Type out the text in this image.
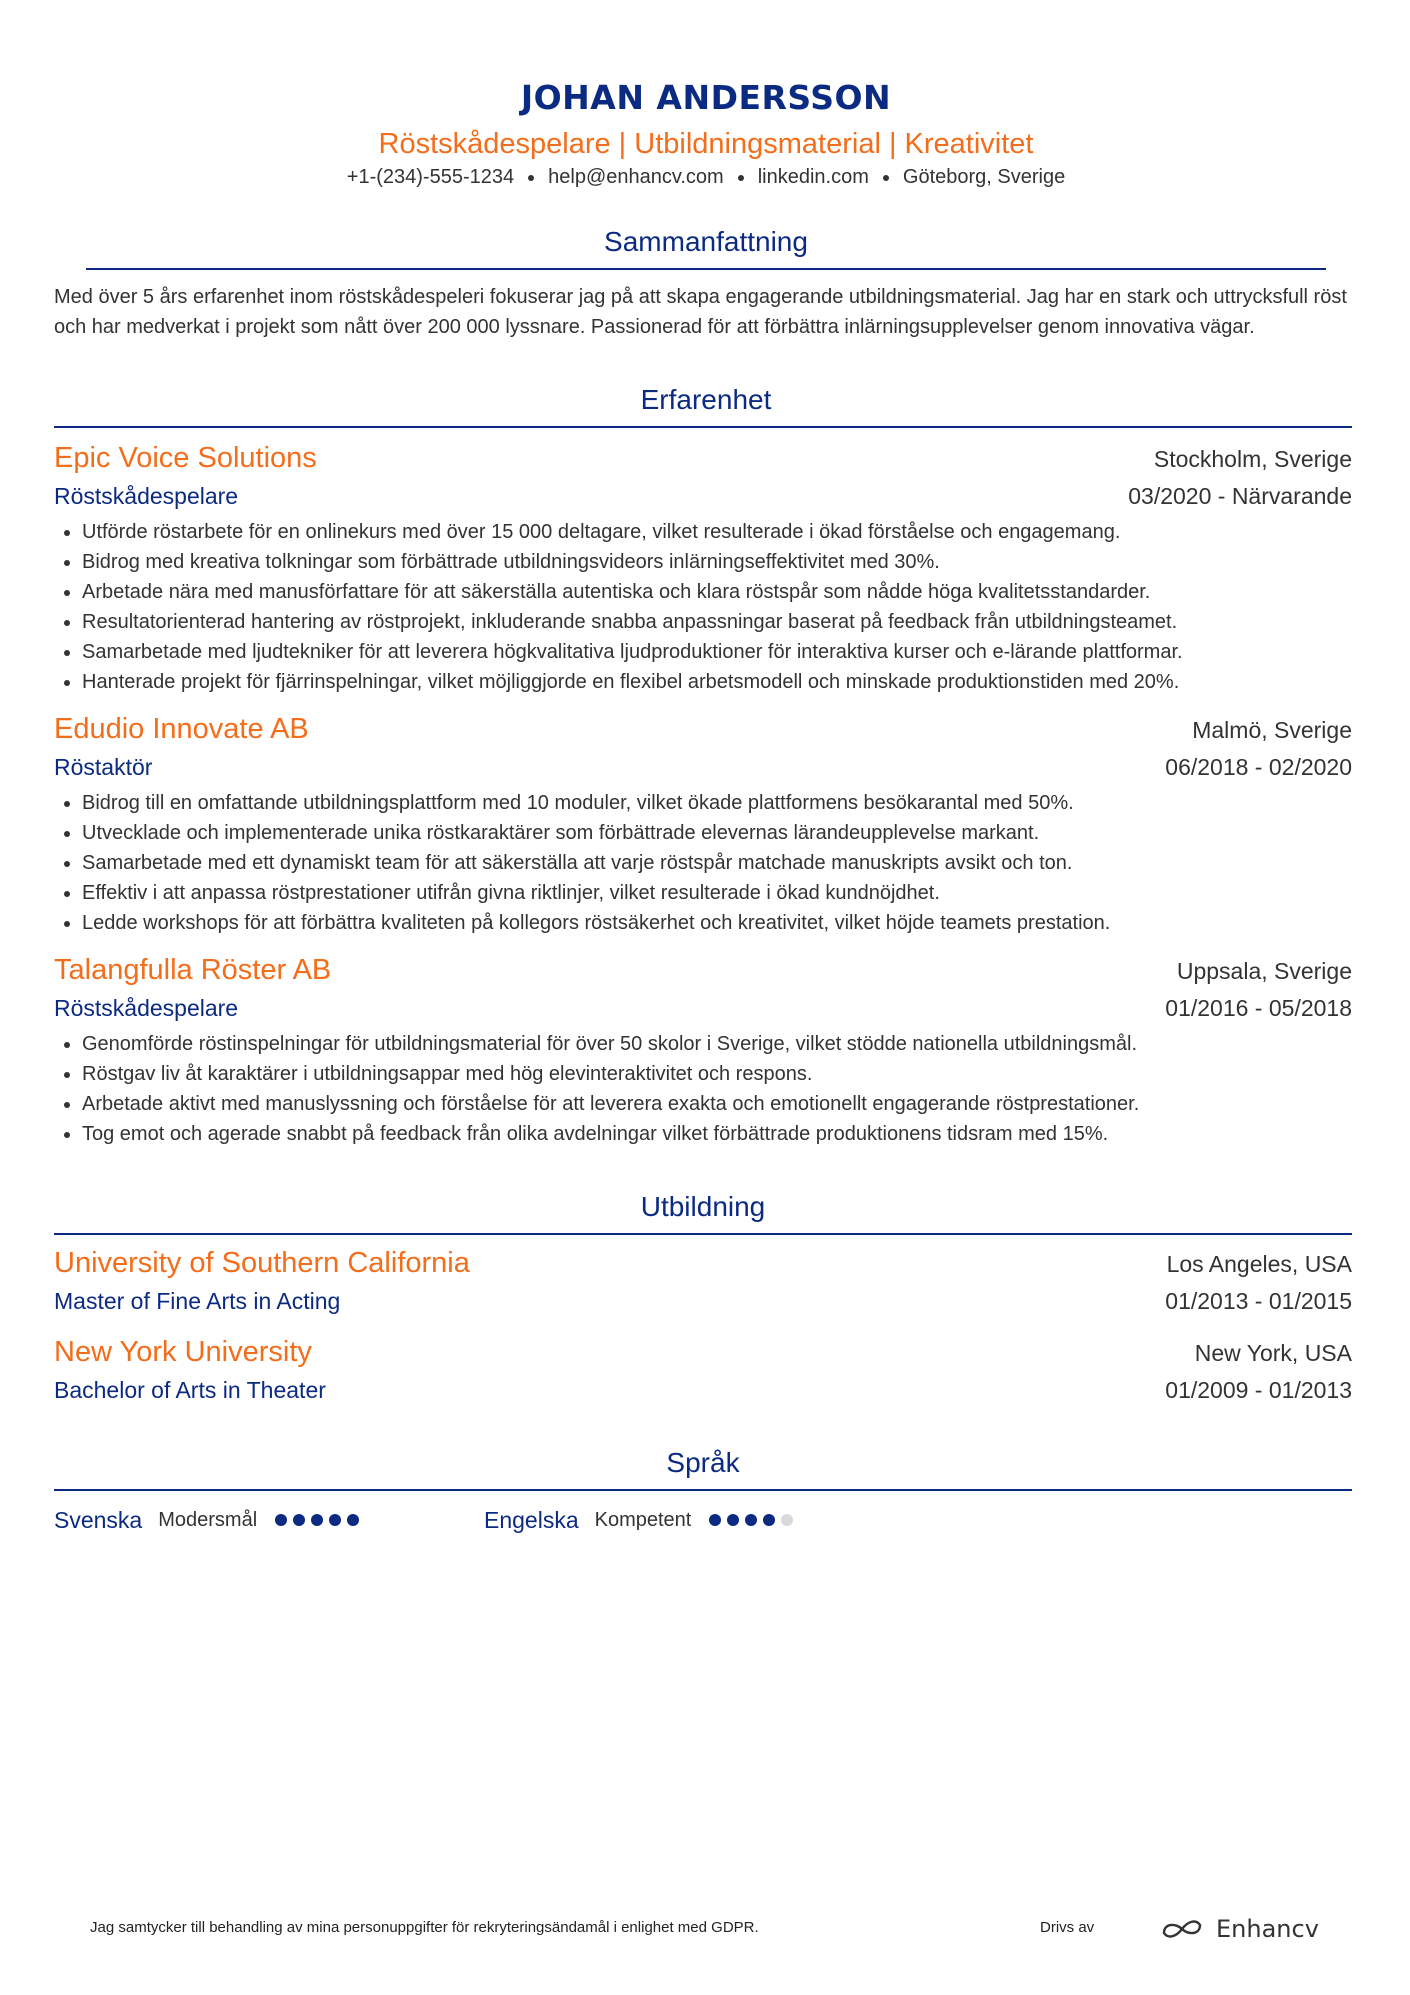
JOHAN ANDERSSON
Röstskådespelare | Utbildningsmaterial | Kreativitet
+1-(234)-555-1234 help@enhancv.com linkedin.com Göteborg, Sverige
Sammanfattning
Med över 5 års erfarenhet inom röstskådespeleri fokuserar jag på att skapa engagerande utbildningsmaterial. Jag har en stark och uttrycksfull röst och har medverkat i projekt som nått över 200 000 lyssnare. Passionerad för att förbättra inlärningsupplevelser genom innovativa vägar.
Erfarenhet
Epic Voice Solutions	Stockholm, Sverige
Röstskådespelare	03/2020 - Närvarande
• Utförde röstarbete för en onlinekurs med över 15 000 deltagare, vilket resulterade i ökad förståelse och engagemang.
• Bidrog med kreativa tolkningar som förbättrade utbildningsvideors inlärningseffektivitet med 30%.
• Arbetade nära med manusförfattare för att säkerställa autentiska och klara röstspår som nådde höga kvalitetsstandarder.
• Resultatorienterad hantering av röstprojekt, inkluderande snabba anpassningar baserat på feedback från utbildningsteamet.
• Samarbetade med ljudtekniker för att leverera högkvalitativa ljudproduktioner för interaktiva kurser och e-lärande plattformar.
• Hanterade projekt för fjärrinspelningar, vilket möjliggjorde en flexibel arbetsmodell och minskade produktionstiden med 20%.
Edudio Innovate AB	Malmö, Sverige
Röstaktör	06/2018 - 02/2020
• Bidrog till en omfattande utbildningsplattform med 10 moduler, vilket ökade plattformens besökarantal med 50%.
• Utvecklade och implementerade unika röstkaraktärer som förbättrade elevernas lärandeupplevelse markant.
• Samarbetade med ett dynamiskt team för att säkerställa att varje röstspår matchade manuskripts avsikt och ton.
• Effektiv i att anpassa röstprestationer utifrån givna riktlinjer, vilket resulterade i ökad kundnöjdhet.
• Ledde workshops för att förbättra kvaliteten på kollegors röstsäkerhet och kreativitet, vilket höjde teamets prestation.
Talangfulla Röster AB	Uppsala, Sverige
Röstskådespelare	01/2016 - 05/2018
• Genomförde röstinspelningar för utbildningsmaterial för över 50 skolor i Sverige, vilket stödde nationella utbildningsmål.
• Röstgav liv åt karaktärer i utbildningsappar med hög elevinteraktivitet och respons.
• Arbetade aktivt med manuslyssning och förståelse för att leverera exakta och emotionellt engagerande röstprestationer.
• Tog emot och agerade snabbt på feedback från olika avdelningar vilket förbättrade produktionens tidsram med 15%.
Utbildning
University of Southern California	Los Angeles, USA
Master of Fine Arts in Acting	01/2013 - 01/2015
New York University	New York, USA
Bachelor of Arts in Theater	01/2009 - 01/2013
Språk
Svenska Modersmål	Engelska Kompetent
Jag samtycker till behandling av mina personuppgifter för rekryteringsändamål i enlighet med GDPR.	Drivs av	Enhancv
